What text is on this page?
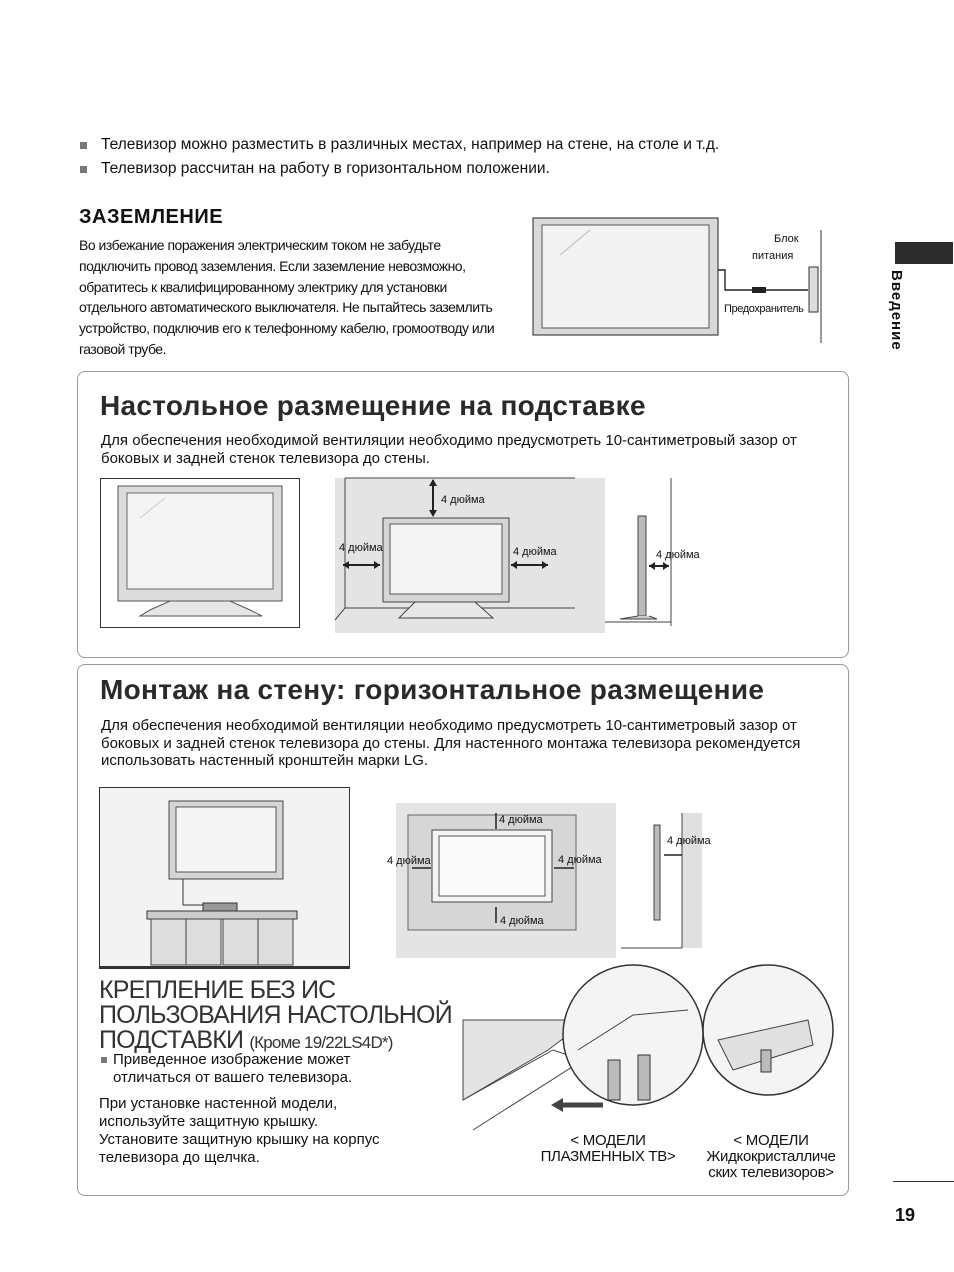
Телевизор можно разместить в различных местах, например на стене, на столе и т.д.
Телевизор рассчитан на работу в горизонтальном положении.
ЗАЗЕМЛЕНИЕ
Во избежание поражения электрическим током не забудьте подключить провод заземления. Если заземление невозможно, обратитесь к квалифицированному электрику для установки отдельного автоматического выключателя. Не пытайтесь заземлить устройство, подключив его к телефонному кабелю, громоотводу или газовой трубе.
Блок
питания
Предохранитель	Введение
Настольное размещение на подставке
Для обеспечения необходимой вентиляции необходимо предусмотреть 10-сантиметровый зазор от боковых и задней стенок телевизора до стены.
4 дюйма
4 дюйма	4 дюйма	4 дюйма
Монтаж на стену: горизонтальное размещение
Для обеспечения необходимой вентиляции необходимо предусмотреть 10-сантиметровый зазор от боковых и задней стенок телевизора до стены. Для настенного монтажа телевизора рекомендуется использовать настенный кронштейн марки LG.
4 дюйма
4 дюйма	4 дюйма
4 дюйма
4 дюйма
КРЕПЛЕНИЕ БЕЗ ИС
ПОЛЬЗОВАНИЯ НАСТОЛЬНОЙ
ПОДСТАВКИ (Кроме 19/22LS4D*)
Приведенное изображение может
отличаться от вашего телевизора.
При установке настенной модели,
используйте защитную крышку.
Установите защитную крышку на корпус
телевизора до щелчка.
< МОДЕЛИ
ПЛАЗМЕННЫХ ТВ>
< МОДЕЛИ
Жидкокристалличе
ских телевизоров>
19
